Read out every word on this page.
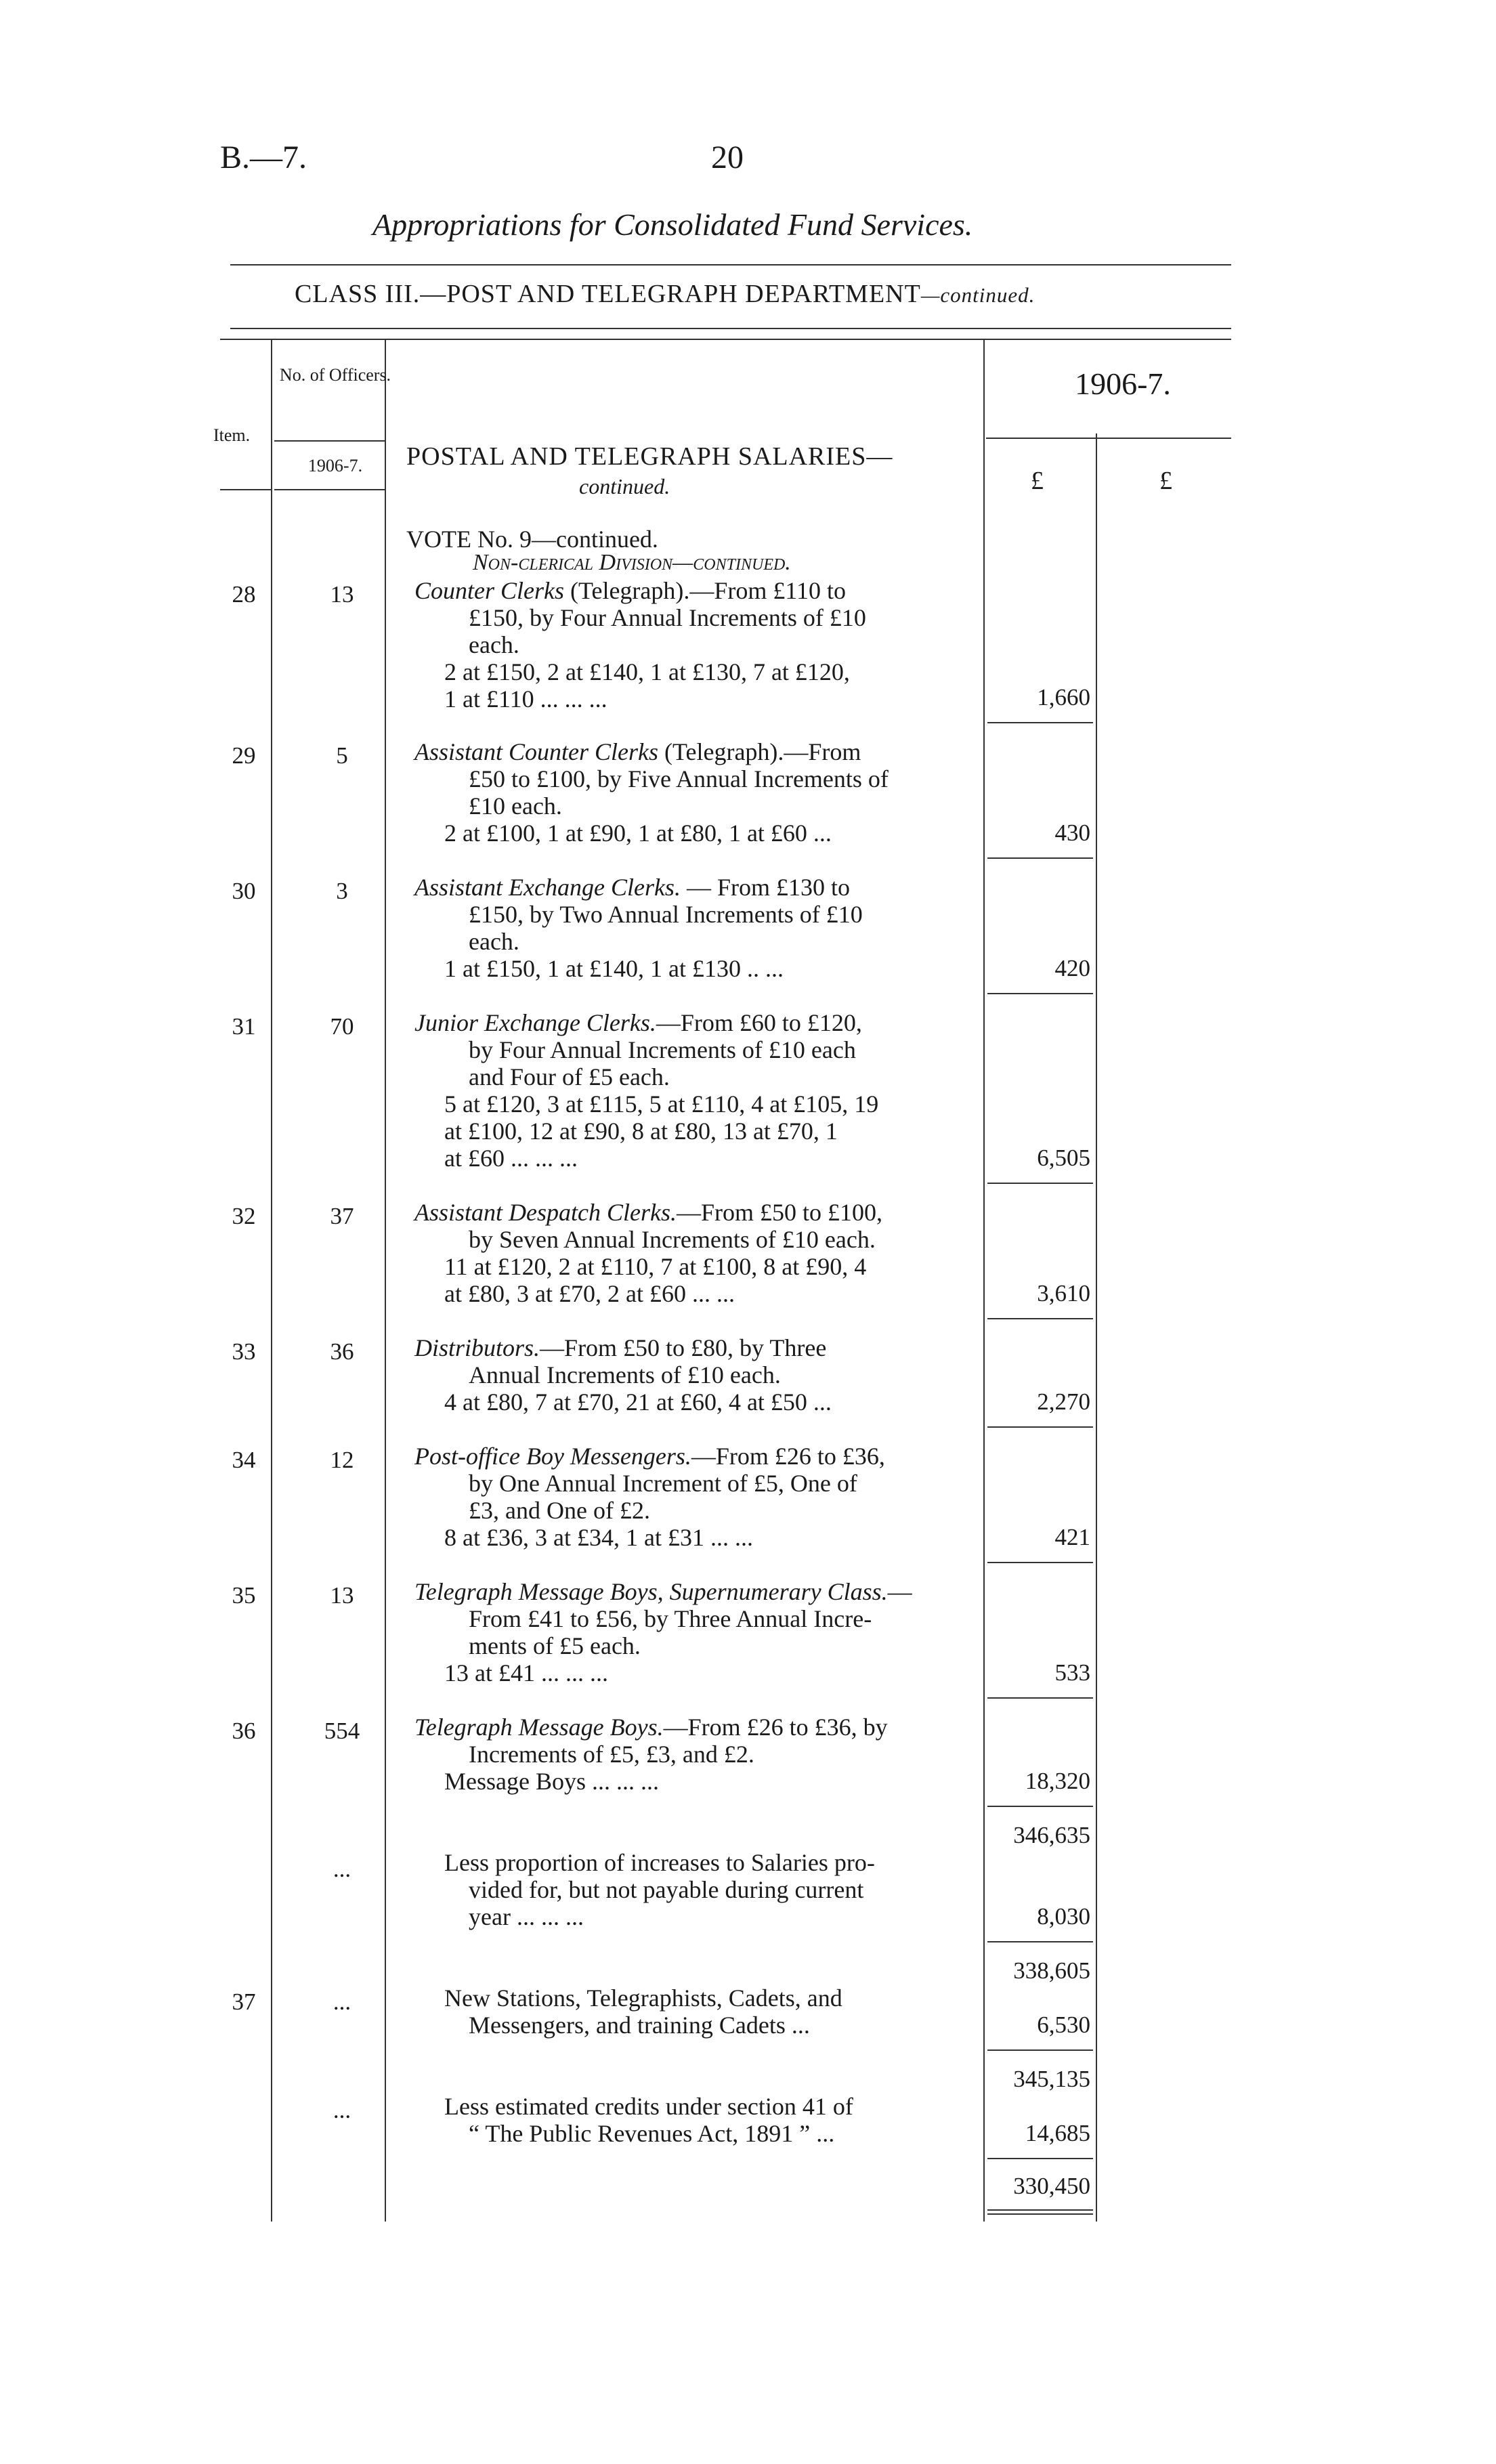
B.—7.	20
Appropriations for Consolidated Fund Services.
CLASS III.—POST AND TELEGRAPH DEPARTMENT—continued.
Item.
No. of Officers.
1906-7.
1906-7.
£	£
POSTAL AND TELEGRAPH SALARIES—
continued.
VOTE No. 9—continued.
Non-clerical Division—continued.
28	13	Counter Clerks (Telegraph).—From £110 to
£150, by Four Annual Increments of £10
each.
2 at £150, 2 at £140, 1 at £130, 7 at £120,
1 at £110 ... ... ...	1,660
29	5	Assistant Counter Clerks (Telegraph).—From
£50 to £100, by Five Annual Increments of
£10 each.
2 at £100, 1 at £90, 1 at £80, 1 at £60 ...	430
30	3	Assistant Exchange Clerks. — From £130 to
£150, by Two Annual Increments of £10
each.
1 at £150, 1 at £140, 1 at £130 .. ...	420
31	70	Junior Exchange Clerks.—From £60 to £120,
by Four Annual Increments of £10 each
and Four of £5 each.
5 at £120, 3 at £115, 5 at £110, 4 at £105, 19
at £100, 12 at £90, 8 at £80, 13 at £70, 1
at £60 ... ... ...	6,505
32	37	Assistant Despatch Clerks.—From £50 to £100,
by Seven Annual Increments of £10 each.
11 at £120, 2 at £110, 7 at £100, 8 at £90, 4
at £80, 3 at £70, 2 at £60 ... ...	3,610
33	36	Distributors.—From £50 to £80, by Three
Annual Increments of £10 each.
4 at £80, 7 at £70, 21 at £60, 4 at £50 ...	2,270
34	12	Post-office Boy Messengers.—From £26 to £36,
by One Annual Increment of £5, One of
£3, and One of £2.
8 at £36, 3 at £34, 1 at £31 ... ...	421
35	13	Telegraph Message Boys, Supernumerary Class.—
From £41 to £56, by Three Annual Incre-
ments of £5 each.
13 at £41 ... ... ...	533
36	554	Telegraph Message Boys.—From £26 to £36, by
Increments of £5, £3, and £2.
Message Boys ... ... ...	18,320
346,635
...	Less proportion of increases to Salaries pro-
vided for, but not payable during current
year ... ... ...	8,030
338,605
37	...	New Stations, Telegraphists, Cadets, and
Messengers, and training Cadets ...	6,530
345,135
...	Less estimated credits under section 41 of
“ The Public Revenues Act, 1891 ” ...	14,685
330,450
